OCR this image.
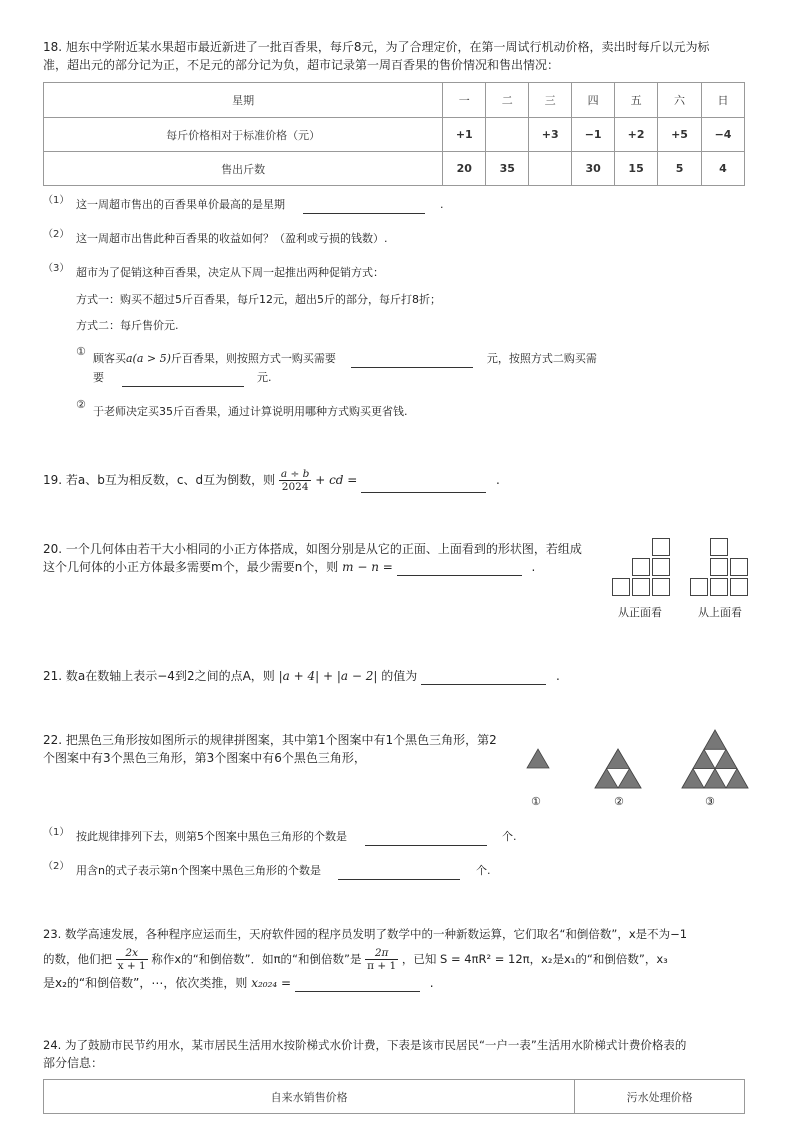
18. 旭东中学附近某水果超市最近新进了一批百香果，每斤8元，为了合理定价，在第一周试行机动价格，卖出时每斤以元为标
准，超出元的部分记为正，不足元的部分记为负，超市记录第一周百香果的售价情况和售出情况：
星期	一	二	三	四	五	六	日
每斤价格相对于标准价格（元）	+1		+3	−1	+2	+5	−4
售出斤数	20	35		30	15	5	4
（1） 这一周超市售出的百香果单价最高的是星期	.
（2） 这一周超市出售此种百香果的收益如何？（盈利或亏损的钱数）.
（3） 超市为了促销这种百香果，决定从下周一起推出两种促销方式：
方式一：购买不超过5斤百香果，每斤12元，超出5斤的部分，每斤打8折；
方式二：每斤售价元.
①
顾客买a(a > 5)斤百香果，则按照方式一购买需要	元，按照方式二购买需
要	元.
②
于老师决定买35斤百香果，通过计算说明用哪种方式购买更省钱.
19. 若a、b互为相反数，c、d互为倒数，则 $\frac{a \div b}{2024}$ + cd =	.
20. 一个几何体由若干大小相同的小正方体搭成，如图分别是从它的正面、上面看到的形状图，若组成
这个几何体的小正方体最多需要m个，最少需要n个，则 m − n =	.
从正面看	从上面看
21. 数a在数轴上表示−4到2之间的点A，则 |a + 4| + |a − 2| 的值为	.
22. 把黑色三角形按如图所示的规律拼图案，其中第1个图案中有1个黑色三角形，第2
个图案中有3个黑色三角形，第3个图案中有6个黑色三角形，
①	②	③
（1） 按此规律排列下去，则第5个图案中黑色三角形的个数是	个.
（2） 用含n的式子表示第n个图案中黑色三角形的个数是	个.
23. 数学高速发展，各种程序应运而生，天府软件园的程序员发明了数学中的一种新数运算，它们取名“和倒倍数”，x是不为−1
的数，他们把 $\frac{2x}{x + 1}$ 称作x的“和倒倍数”．如π的“和倒倍数”是 $\frac{2\pi}{\pi + 1}$ ，已知 S = 4πR² = 12π，x₂是x₁的“和倒倍数”，x₃
是x₂的“和倒倍数”，⋯，依次类推，则 x₂₀₂₄ =	.
24. 为了鼓励市民节约用水，某市居民生活用水按阶梯式水价计费，下表是该市民居民“一户一表”生活用水阶梯式计费价格表的
部分信息：
自来水销售价格	污水处理价格
